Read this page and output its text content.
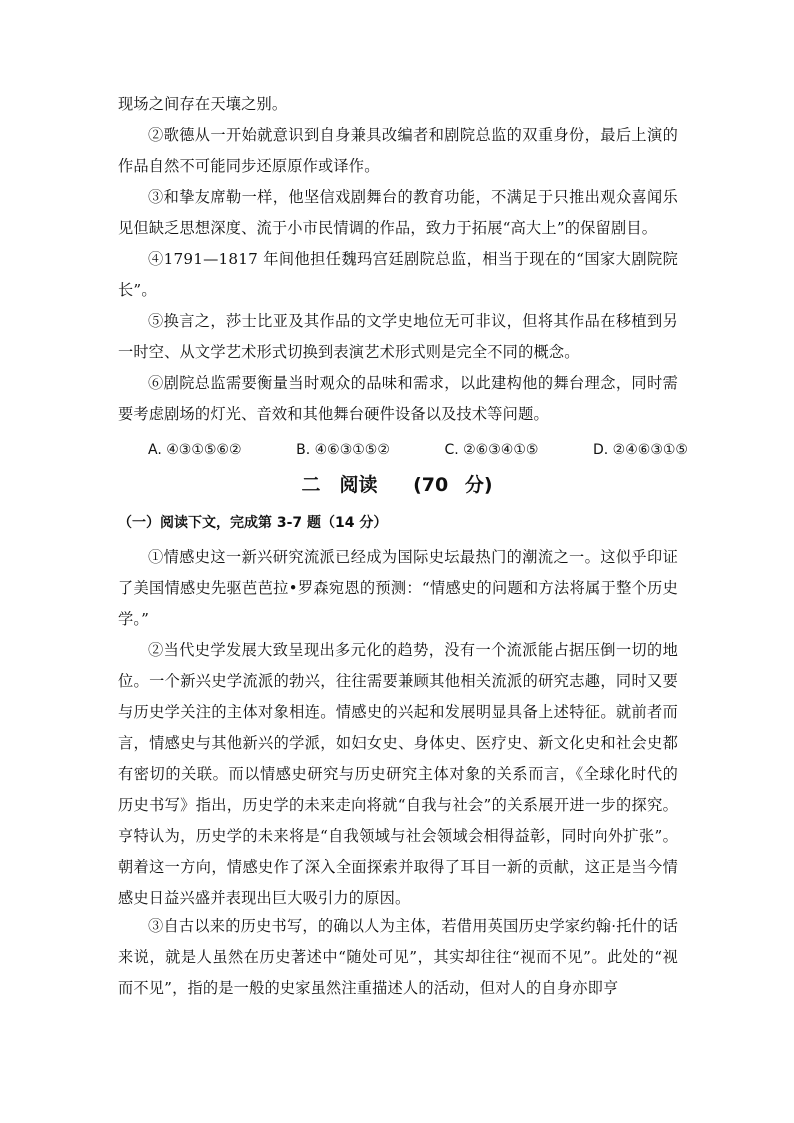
现场之间存在天壤之别。

②歌德从一开始就意识到自身兼具改编者和剧院总监的双重身份，最后上演的作品自然不可能同步还原原作或译作。

③和挚友席勒一样，他坚信戏剧舞台的教育功能，不满足于只推出观众喜闻乐见但缺乏思想深度、流于小市民情调的作品，致力于拓展“高大上”的保留剧目。

④1791—1817 年间他担任魏玛宫廷剧院总监，相当于现在的“国家大剧院院长”。

⑤换言之，莎士比亚及其作品的文学史地位无可非议，但将其作品在移植到另一时空、从文学艺术形式切换到表演艺术形式则是完全不同的概念。

⑥剧院总监需要衡量当时观众的品味和需求，以此建构他的舞台理念，同时需要考虑剧场的灯光、音效和其他舞台硬件设备以及技术等问题。

A. ④③①⑤⑥②	B. ④⑥③①⑤②	C. ②⑥③④①⑤	D. ②④⑥③①⑤
二　阅读　 (70 分)
（一）阅读下文，完成第 3-7 题（14 分）

①情感史这一新兴研究流派已经成为国际史坛最热门的潮流之一。这似乎印证了美国情感史先驱芭芭拉•罗森宛恩的预测：“情感史的问题和方法将属于整个历史学。”

②当代史学发展大致呈现出多元化的趋势，没有一个流派能占据压倒一切的地位。一个新兴史学流派的勃兴，往往需要兼顾其他相关流派的研究志趣，同时又要与历史学关注的主体对象相连。情感史的兴起和发展明显具备上述特征。就前者而言，情感史与其他新兴的学派，如妇女史、身体史、医疗史、新文化史和社会史都有密切的关联。而以情感史研究与历史研究主体对象的关系而言，《全球化时代的历史书写》指出，历史学的未来走向将就“自我与社会”的关系展开进一步的探究。亨特认为，历史学的未来将是“自我领域与社会领域会相得益彰，同时向外扩张”。朝着这一方向，情感史作了深入全面探索并取得了耳目一新的贡献，这正是当今情感史日益兴盛并表现出巨大吸引力的原因。

③自古以来的历史书写，的确以人为主体，若借用英国历史学家约翰·托什的话来说，就是人虽然在历史著述中“随处可见”，其实却往往“视而不见”。此处的“视而不见”，指的是一般的史家虽然注重描述人的活动，但对人的自身亦即亨
